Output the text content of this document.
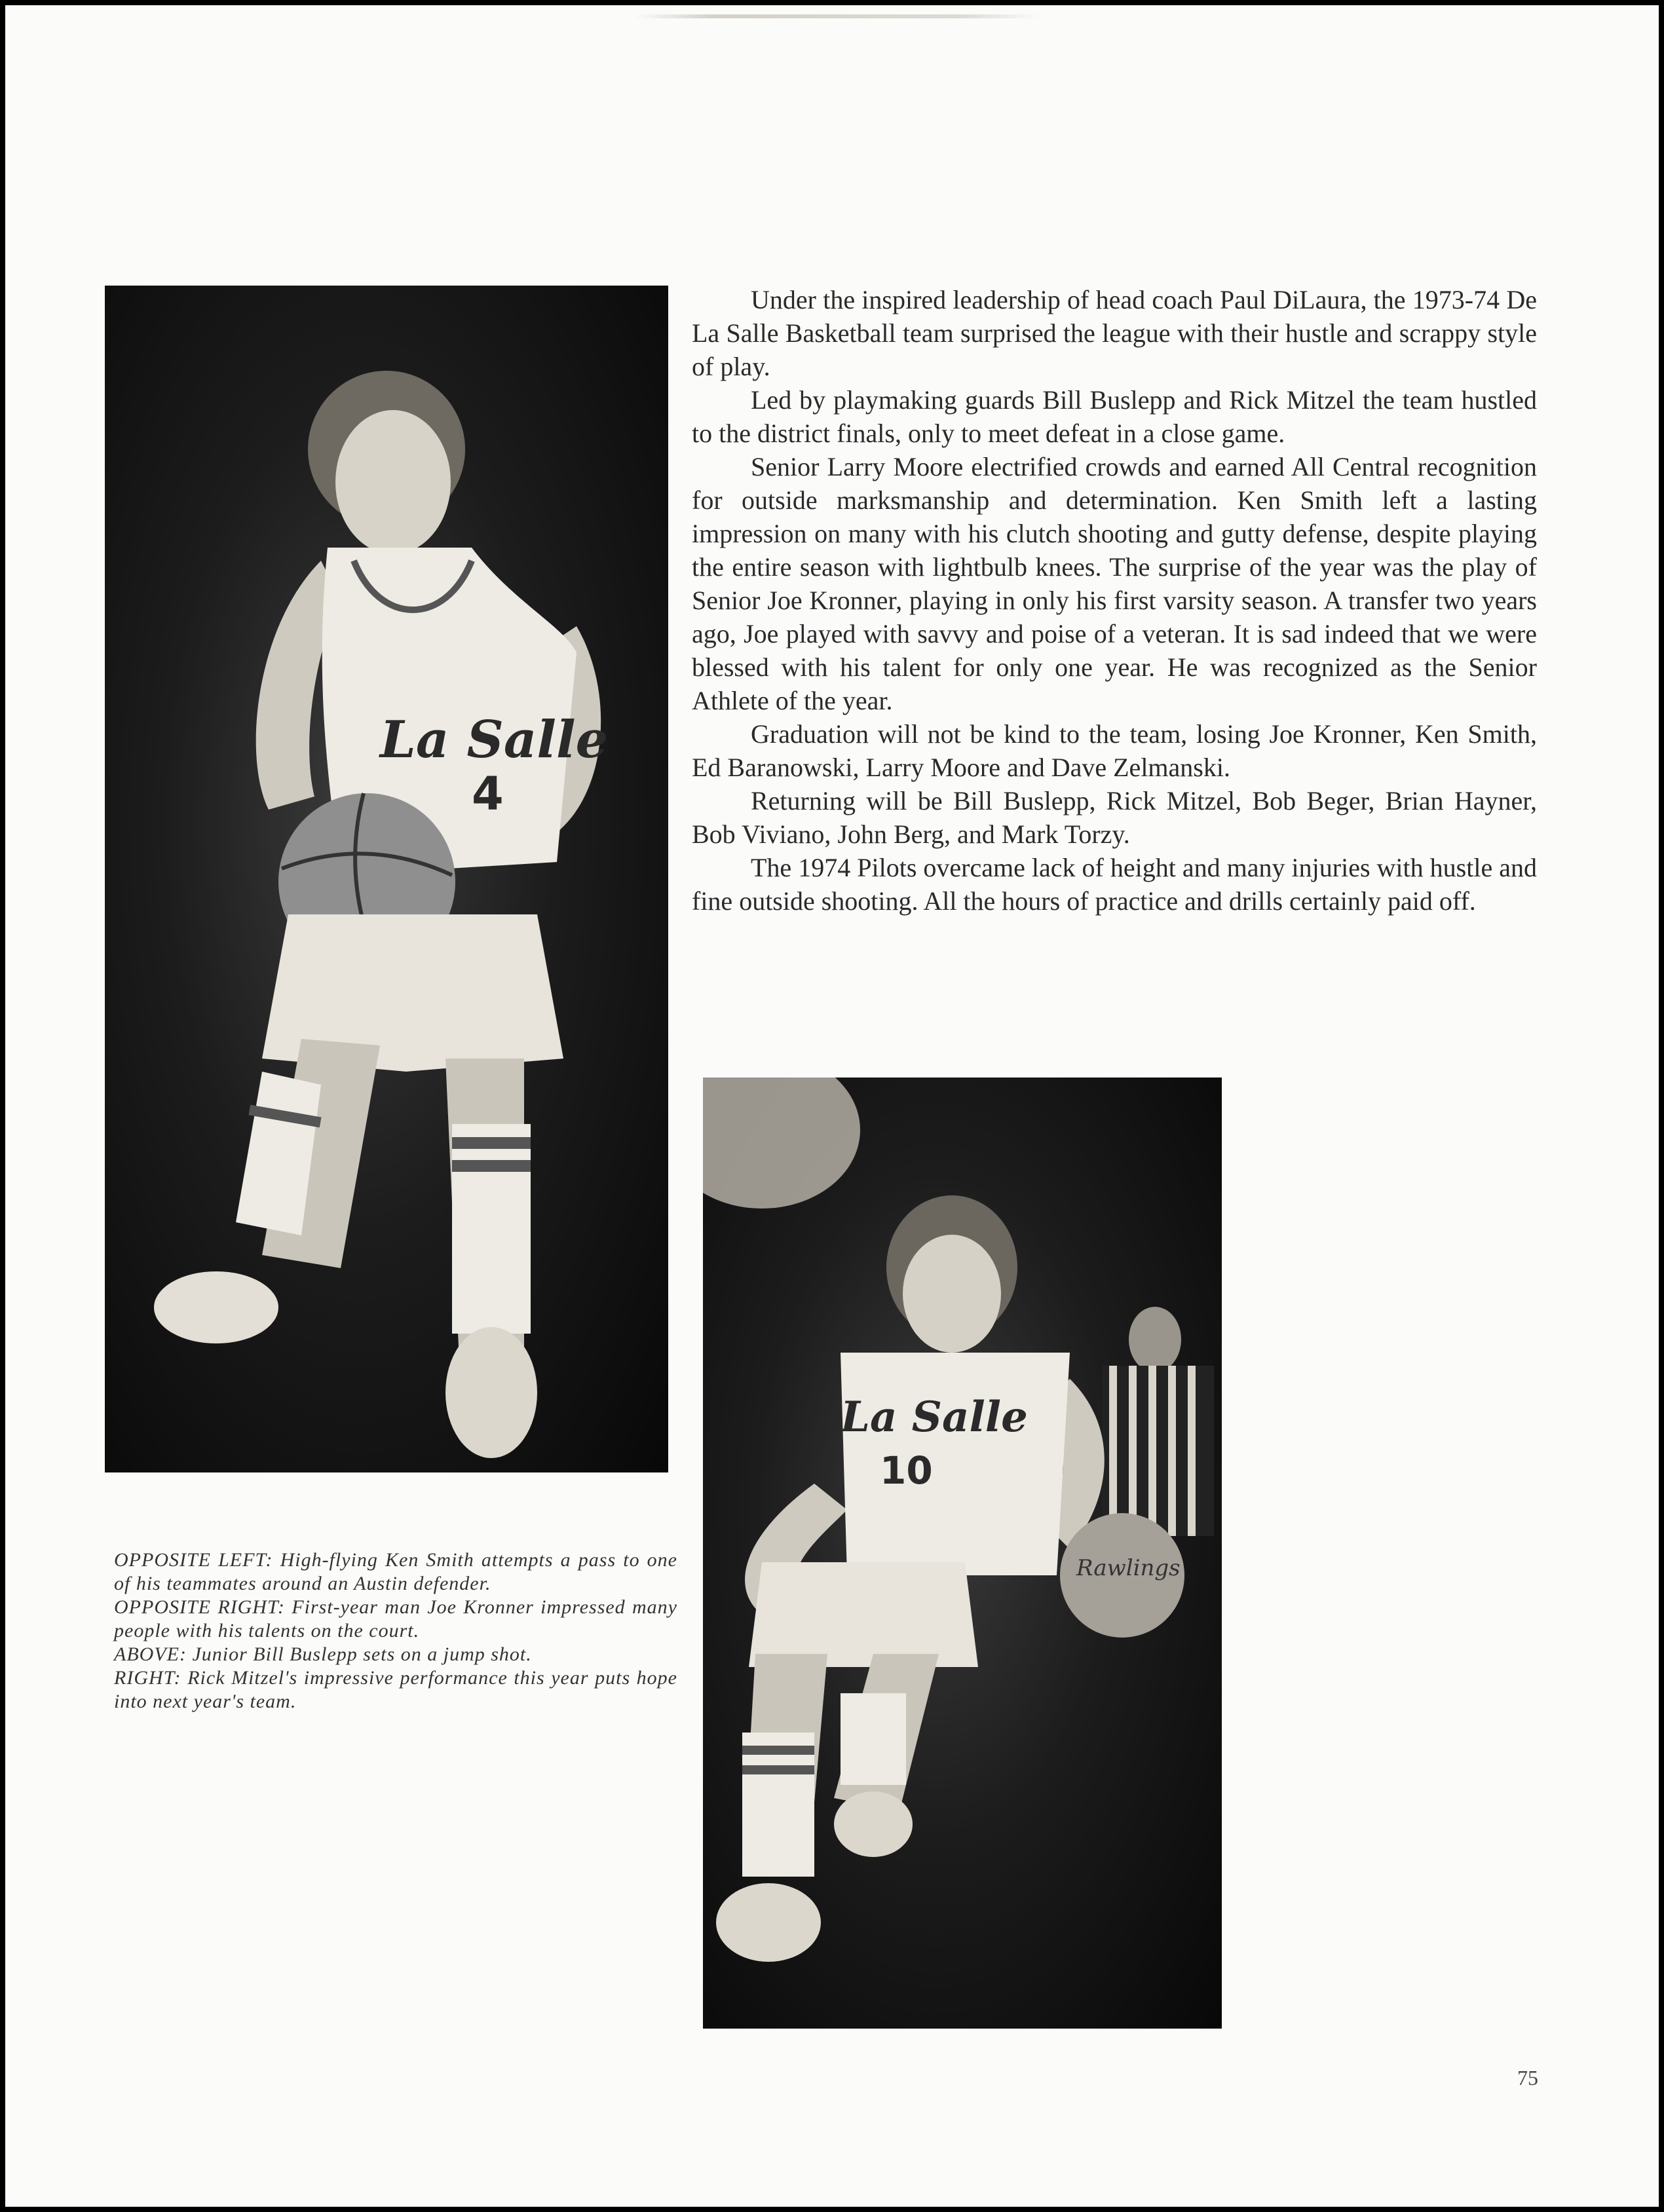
La Salle
4

Under the inspired leadership of head coach Paul DiLaura, the 1973-74 De La Salle Basketball team surprised the league with their hustle and scrappy style of play.

Led by playmaking guards Bill Buslepp and Rick Mitzel the team hustled to the district finals, only to meet defeat in a close game.

Senior Larry Moore electrified crowds and earned All Central recognition for outside marksmanship and determination. Ken Smith left a lasting impression on many with his clutch shooting and gutty defense, despite playing the entire season with lightbulb knees. The surprise of the year was the play of Senior Joe Kronner, playing in only his first varsity season. A transfer two years ago, Joe played with savvy and poise of a veteran. It is sad indeed that we were blessed with his talent for only one year. He was recognized as the Senior Athlete of the year.

Graduation will not be kind to the team, losing Joe Kronner, Ken Smith, Ed Baranowski, Larry Moore and Dave Zelmanski.

Returning will be Bill Buslepp, Rick Mitzel, Bob Beger, Brian Hayner, Bob Viviano, John Berg, and Mark Torzy.

The 1974 Pilots overcame lack of height and many injuries with hustle and fine outside shooting. All the hours of practice and drills certainly paid off.

La Salle
10
Rawlings

OPPOSITE LEFT: High-flying Ken Smith attempts a pass to one of his teammates around an Austin defender.

OPPOSITE RIGHT: First-year man Joe Kronner impressed many people with his talents on the court.

ABOVE: Junior Bill Buslepp sets on a jump shot.

RIGHT: Rick Mitzel's impressive performance this year puts hope into next year's team.

75
